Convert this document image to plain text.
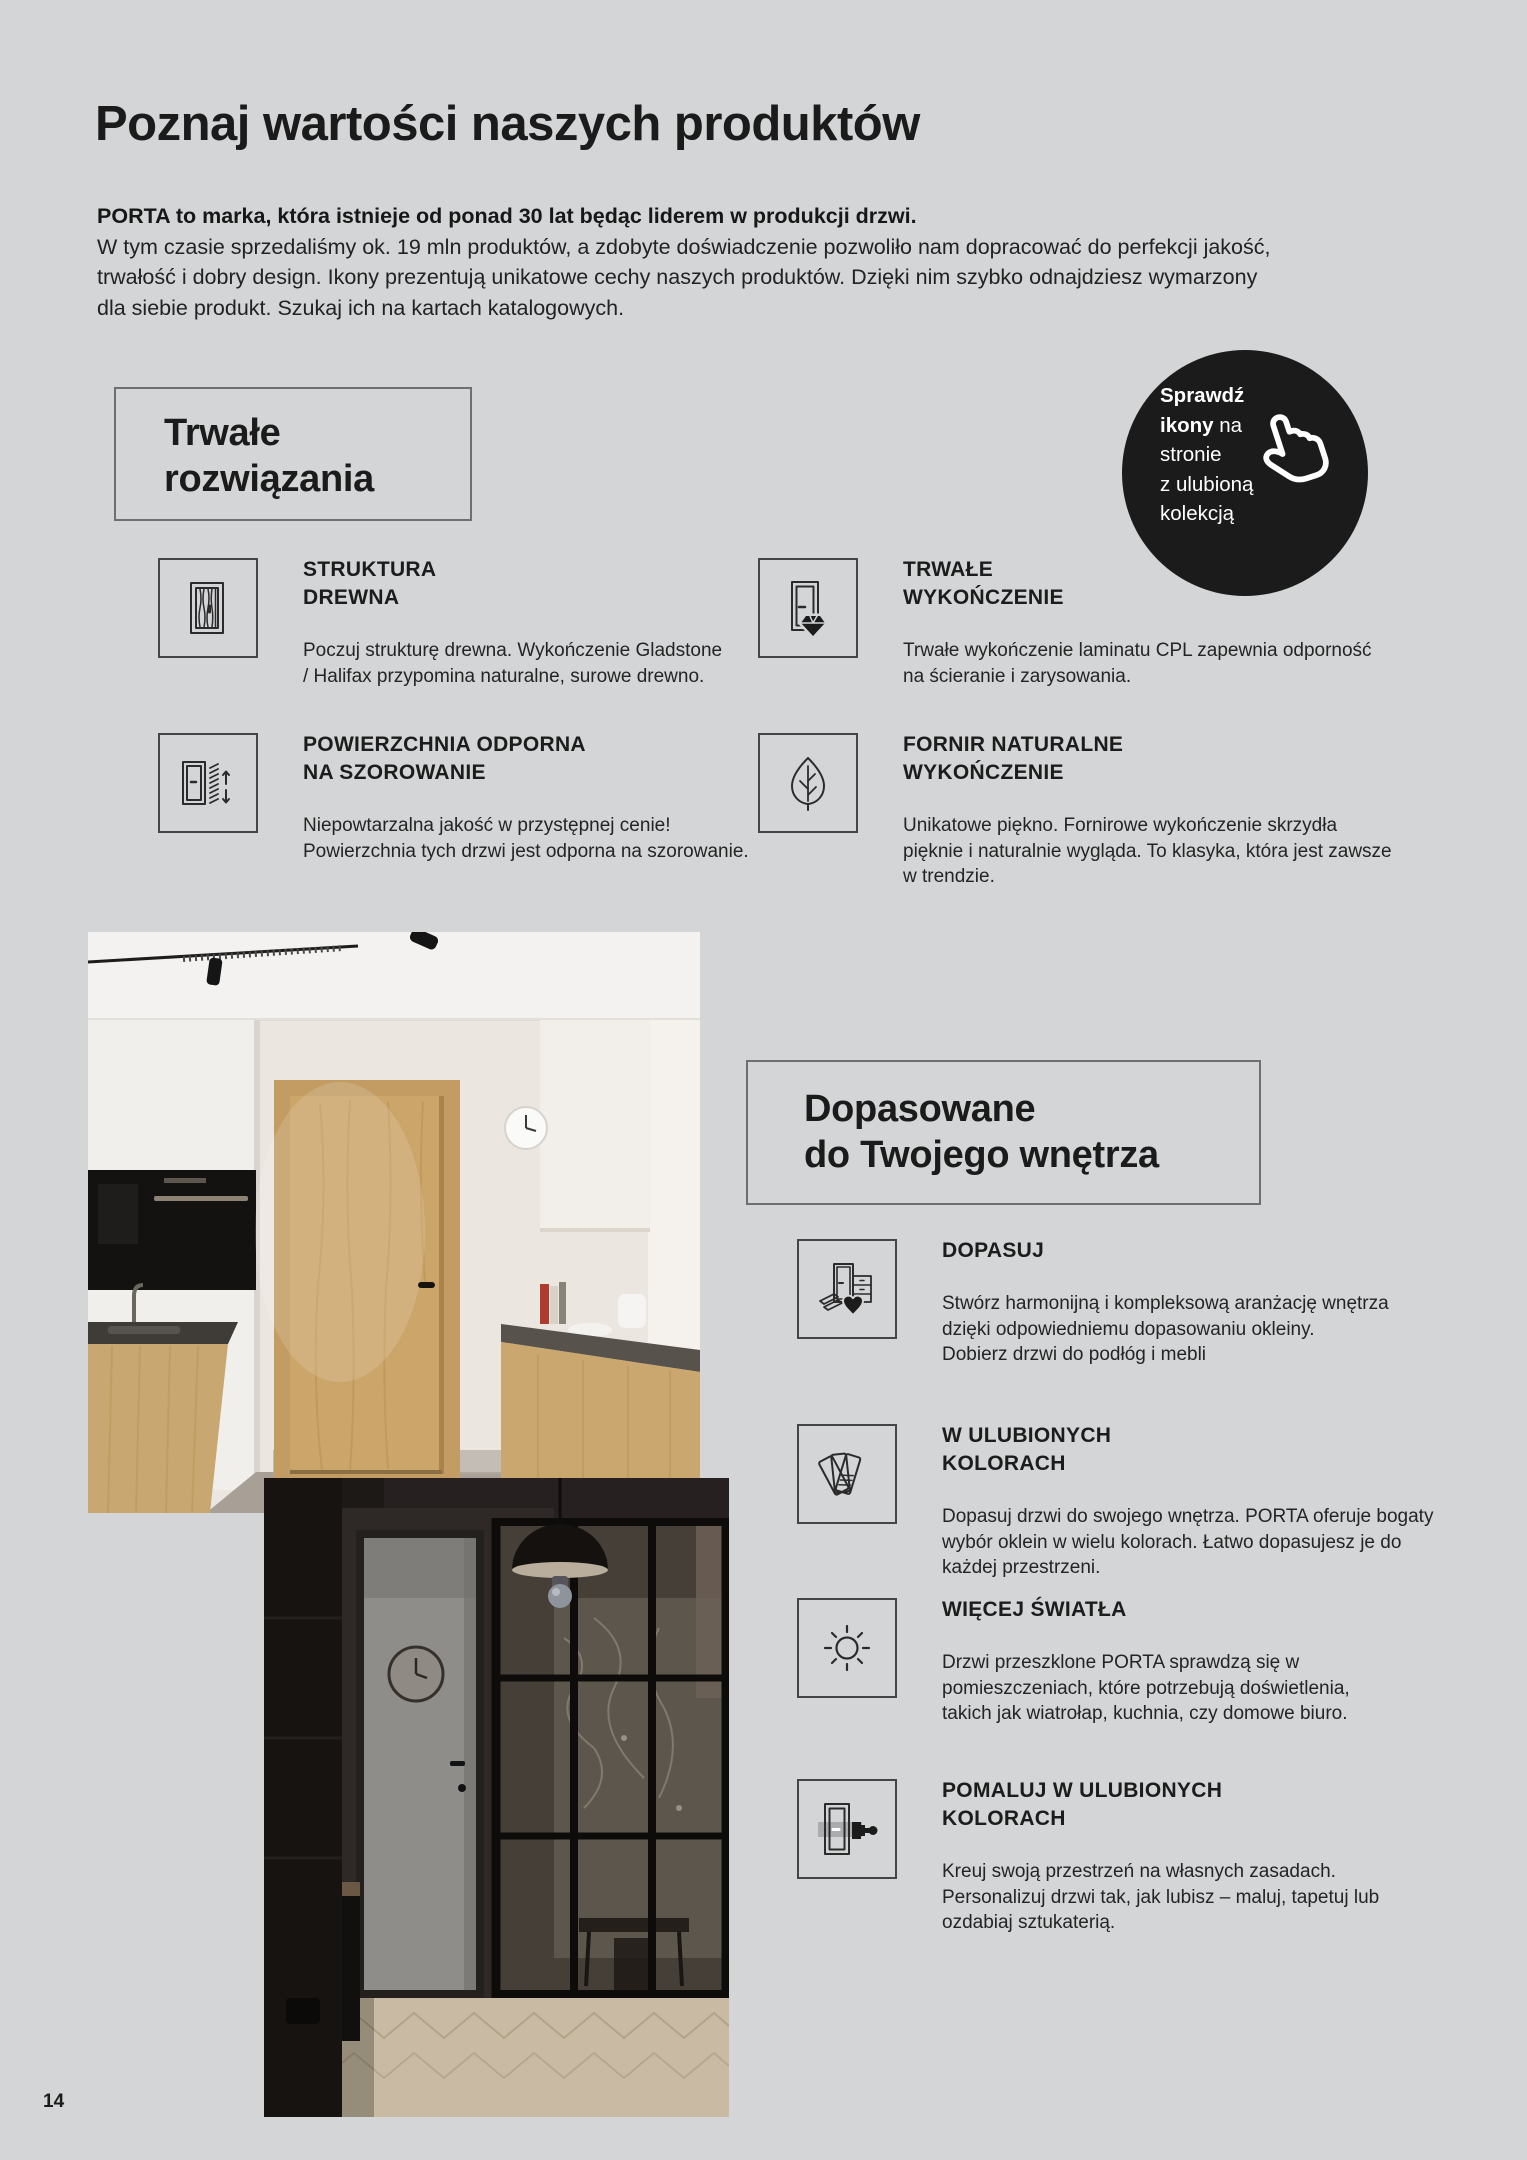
Poznaj wartości naszych produktów
PORTA to marka, która istnieje od ponad 30 lat będąc liderem w produkcji drzwi.
W tym czasie sprzedaliśmy ok. 19 mln produktów, a zdobyte doświadczenie pozwoliło nam dopracować do perfekcji jakość,
trwałość i dobry design. Ikony prezentują unikatowe cechy naszych produktów. Dzięki nim szybko odnajdziesz wymarzony
dla siebie produkt. Szukaj ich na kartach katalogowych.
Trwałe
rozwiązania
Sprawdź
ikony na
stronie
z ulubioną
kolekcją
STRUKTURA
DREWNA
Poczuj strukturę drewna. Wykończenie Gladstone
/ Halifax przypomina naturalne, surowe drewno.
TRWAŁE
WYKOŃCZENIE
Trwałe wykończenie laminatu CPL zapewnia odporność
na ścieranie i zarysowania.
POWIERZCHNIA ODPORNA
NA SZOROWANIE
Niepowtarzalna jakość w przystępnej cenie!
Powierzchnia tych drzwi jest odporna na szorowanie.
FORNIR NATURALNE
WYKOŃCZENIE
Unikatowe piękno. Fornirowe wykończenie skrzydła
pięknie i naturalnie wygląda. To klasyka, która jest zawsze
w trendzie.
Dopasowane
do Twojego wnętrza
DOPASUJ
Stwórz harmonijną i kompleksową aranżację wnętrza
dzięki odpowiedniemu dopasowaniu okleiny.
Dobierz drzwi do podłóg i mebli
W ULUBIONYCH
KOLORACH
Dopasuj drzwi do swojego wnętrza. PORTA oferuje bogaty
wybór oklein w wielu kolorach. Łatwo dopasujesz je do
każdej przestrzeni.
WIĘCEJ ŚWIATŁA
Drzwi przeszklone PORTA sprawdzą się w
pomieszczeniach, które potrzebują doświetlenia,
takich jak wiatrołap, kuchnia, czy domowe biuro.
POMALUJ W ULUBIONYCH
KOLORACH
Kreuj swoją przestrzeń na własnych zasadach.
Personalizuj drzwi tak, jak lubisz – maluj, tapetuj lub
ozdabiaj sztukaterią.
14
